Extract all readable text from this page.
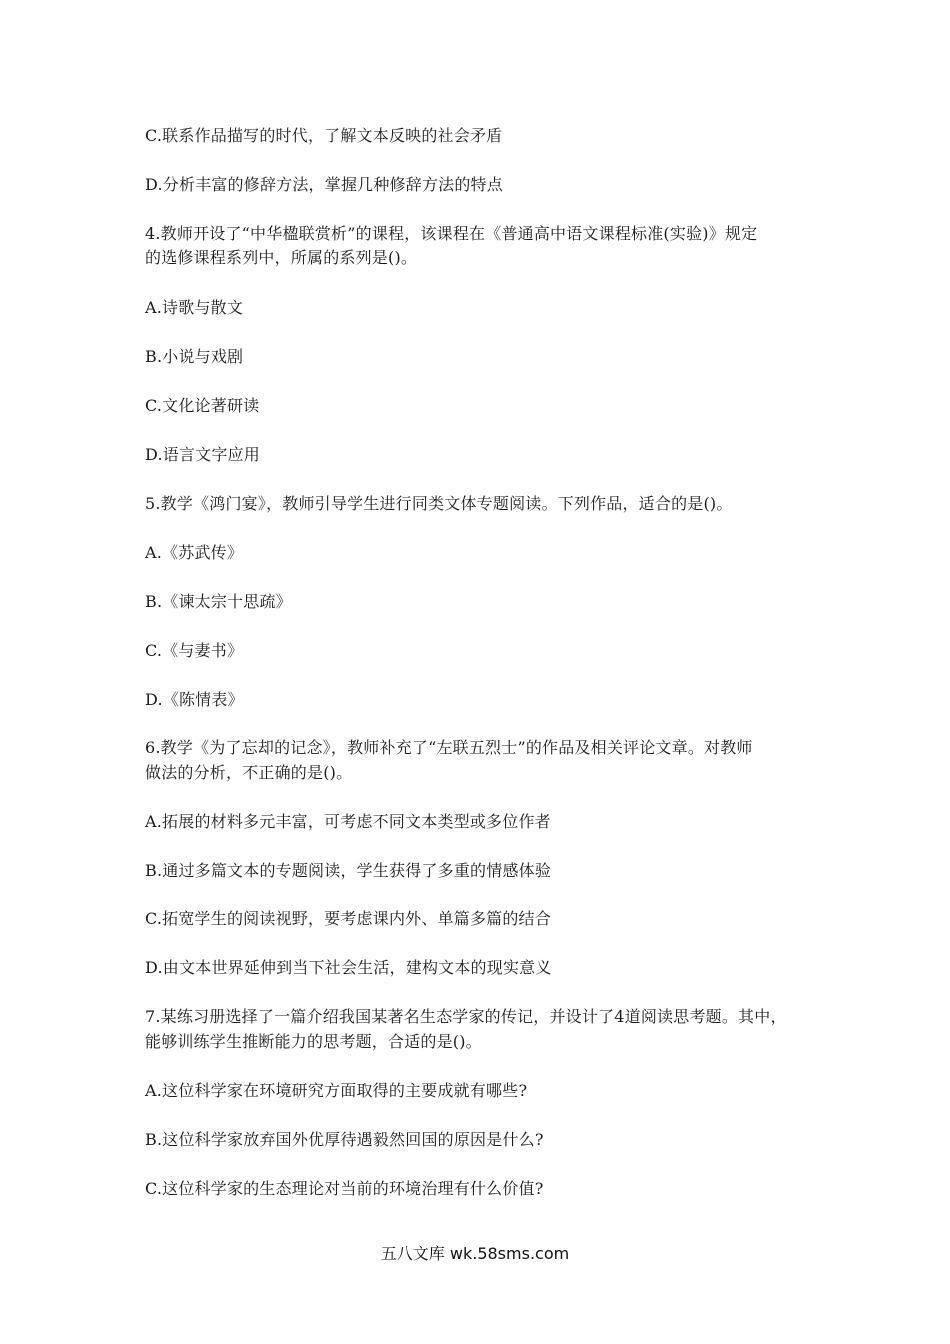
C.联系作品描写的时代，了解文本反映的社会矛盾
D.分析丰富的修辞方法，掌握几种修辞方法的特点
4.教师开设了“中华楹联赏析”的课程，该课程在《普通高中语文课程标准(实验)》规定
的选修课程系列中，所属的系列是()。
A.诗歌与散文
B.小说与戏剧
C.文化论著研读
D.语言文字应用
5.教学《鸿门宴》，教师引导学生进行同类文体专题阅读。下列作品，适合的是()。
A.《苏武传》
B.《谏太宗十思疏》
C.《与妻书》
D.《陈情表》
6.教学《为了忘却的记念》，教师补充了“左联五烈士”的作品及相关评论文章。对教师
做法的分析，不正确的是()。
A.拓展的材料多元丰富，可考虑不同文本类型或多位作者
B.通过多篇文本的专题阅读，学生获得了多重的情感体验
C.拓宽学生的阅读视野，要考虑课内外、单篇多篇的结合
D.由文本世界延伸到当下社会生活，建构文本的现实意义
7.某练习册选择了一篇介绍我国某著名生态学家的传记，并设计了4道阅读思考题。其中，
能够训练学生推断能力的思考题，合适的是()。
A.这位科学家在环境研究方面取得的主要成就有哪些?
B.这位科学家放弃国外优厚待遇毅然回国的原因是什么?
C.这位科学家的生态理论对当前的环境治理有什么价值?
五八文库 wk.58sms.com
